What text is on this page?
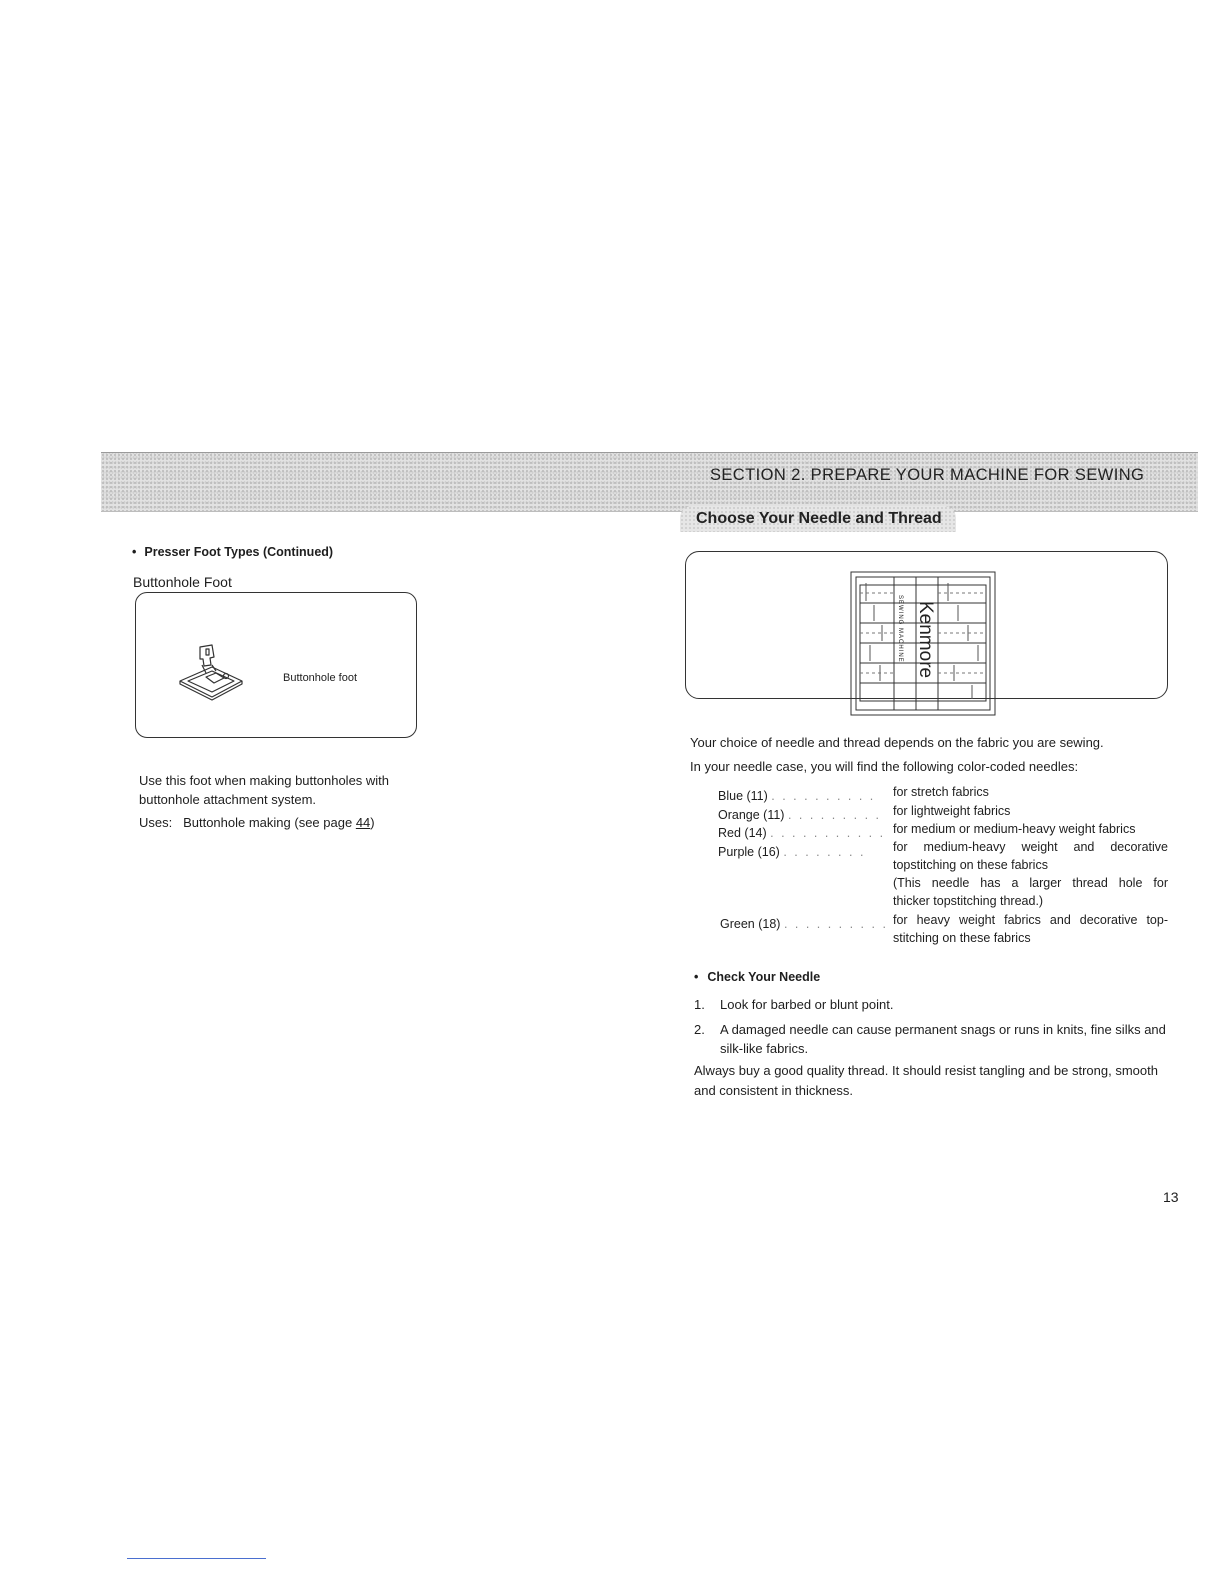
SECTION 2. PREPARE YOUR MACHINE FOR SEWING
Choose Your Needle and Thread
• Presser Foot Types (Continued)
Buttonhole Foot
Buttonhole foot
Use this foot when making buttonholes with buttonhole attachment system.
Uses: Buttonhole making (see page 44)
Kenmore
SEWING MACHINE
Your choice of needle and thread depends on the fabric you are sewing.
In your needle case, you will find the following color-coded needles:
Blue (11) . . . . . . . . . . for stretch fabrics
Orange (11) . . . . . . . . . for lightweight fabrics
Red (14) . . . . . . . . . . . for medium or medium-heavy weight fabrics
Purple (16) . . . . . . . . for medium-heavy weight and decorative
topstitching on these fabrics
(This needle has a larger thread hole for
thicker topstitching thread.)
Green (18) . . . . . . . . . . for heavy weight fabrics and decorative top-
stitching on these fabrics
• Check Your Needle
1. Look for barbed or blunt point.
2. A damaged needle can cause permanent snags or runs in knits, fine silks and silk-like fabrics.
Always buy a good quality thread. It should resist tangling and be strong, smooth and consistent in thickness.
13
